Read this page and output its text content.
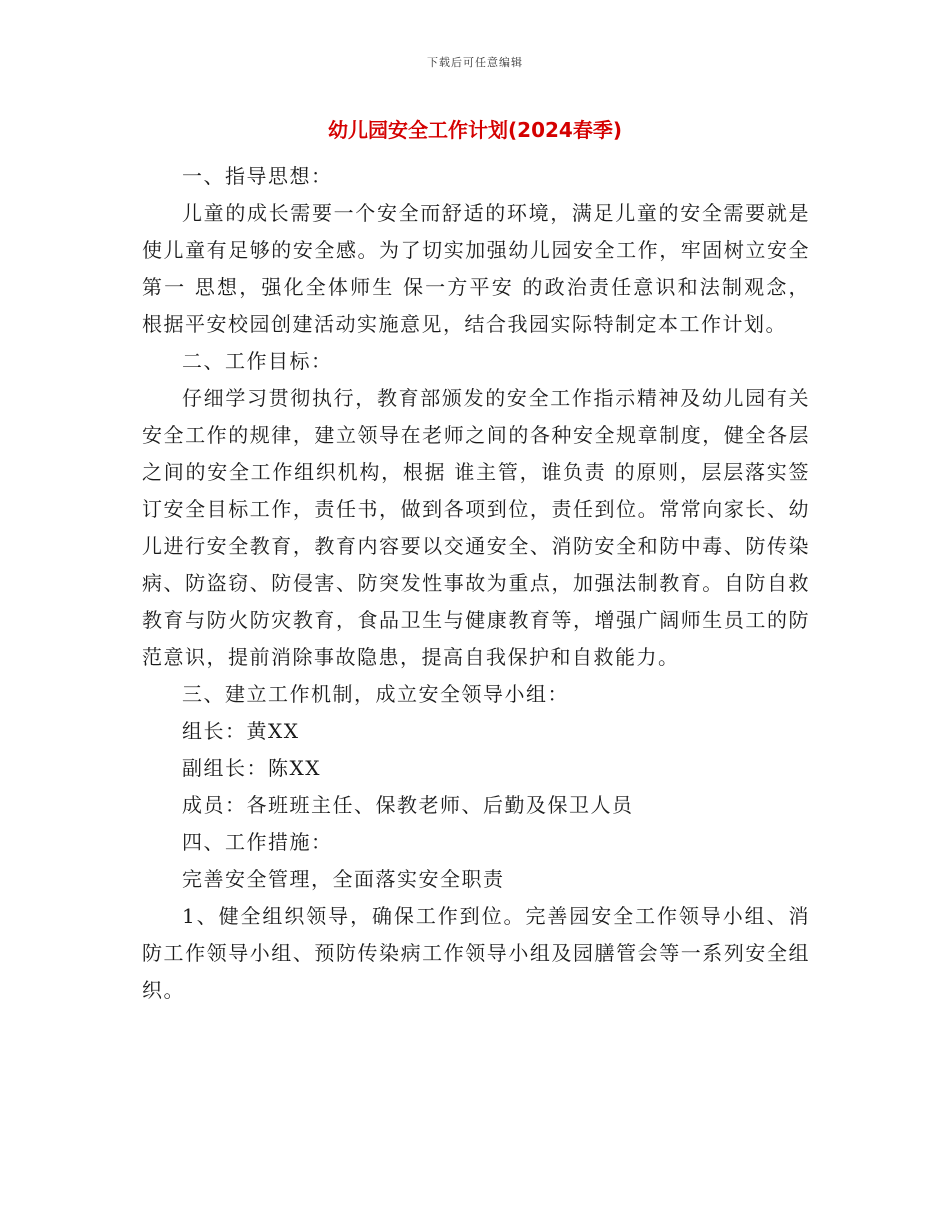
下载后可任意编辑
幼儿园安全工作计划(2024春季)

一、指导思想：

儿童的成长需要一个安全而舒适的环境，满足儿童的安全需要就是使儿童有足够的安全感。为了切实加强幼儿园安全工作，牢固树立安全第一 思想，强化全体师生 保一方平安 的政治责任意识和法制观念，根据平安校园创建活动实施意见，结合我园实际特制定本工作计划。

二、工作目标：

仔细学习贯彻执行，教育部颁发的安全工作指示精神及幼儿园有关安全工作的规律，建立领导在老师之间的各种安全规章制度，健全各层之间的安全工作组织机构，根据 谁主管，谁负责 的原则，层层落实签订安全目标工作，责任书，做到各项到位，责任到位。常常向家长、幼儿进行安全教育，教育内容要以交通安全、消防安全和防中毒、防传染病、防盗窃、防侵害、防突发性事故为重点，加强法制教育。自防自救教育与防火防灾教育，食品卫生与健康教育等，增强广阔师生员工的防范意识，提前消除事故隐患，提高自我保护和自救能力。

三、建立工作机制，成立安全领导小组：

组长：黄XX

副组长：陈XX

成员：各班班主任、保教老师、后勤及保卫人员

四、工作措施：

完善安全管理，全面落实安全职责

1、健全组织领导，确保工作到位。完善园安全工作领导小组、消防工作领导小组、预防传染病工作领导小组及园膳管会等一系列安全组织。
